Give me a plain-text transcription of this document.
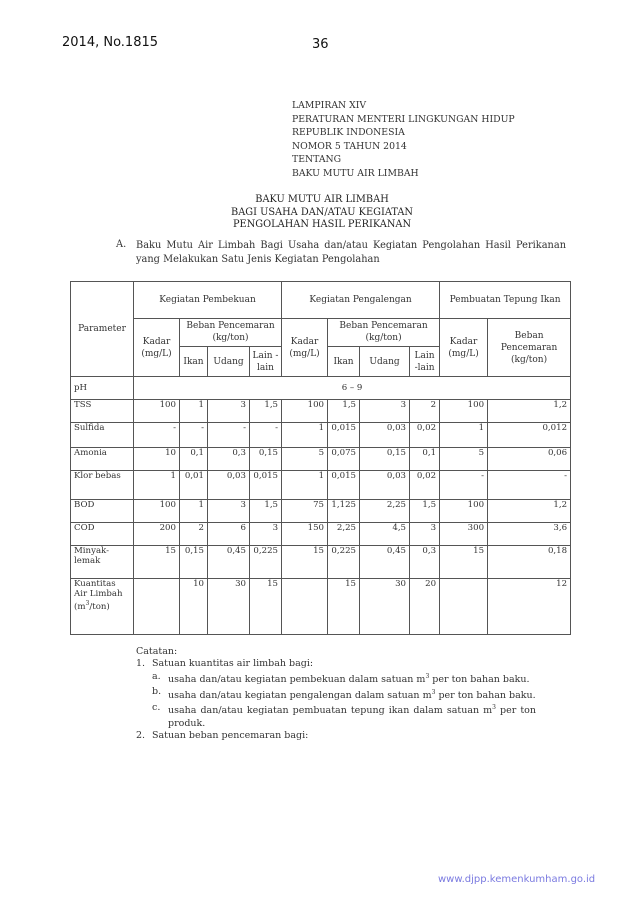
2014, No.1815	36
LAMPIRAN XIV
PERATURAN MENTERI LINGKUNGAN HIDUP
REPUBLIK INDONESIA
NOMOR 5 TAHUN 2014
TENTANG
BAKU MUTU AIR LIMBAH
BAKU MUTU AIR LIMBAH
BAGI USAHA DAN/ATAU KEGIATAN
PENGOLAHAN HASIL PERIKANAN
A. Baku Mutu Air Limbah Bagi Usaha dan/atau Kegiatan Pengolahan Hasil Perikanan yang Melakukan Satu Jenis Kegiatan Pengolahan
Parameter	Kegiatan Pembekuan				Kegiatan Pengalengan				Pembuatan Tepung Ikan	
	Kadar (mg/L)	Beban Pencemaran (kg/ton)			Kadar (mg/L)	Beban Pencemaran (kg/ton)			Kadar (mg/L)	Beban Pencemaran (kg/ton)
		Ikan	Udang	Lain -lain		Ikan	Udang	Lain -lain		
pH	6 – 9									
TSS	100	1	3	1,5	100	1,5	3	2	100	1,2
Sulfida	-	-	-	-	1	0,015	0,03	0,02	1	0,012
Amonia	10	0,1	0,3	0,15	5	0,075	0,15	0,1	5	0,06
Klor bebas	1	0,01	0,03	0,015	1	0,015	0,03	0,02	-	-
BOD	100	1	3	1,5	75	1,125	2,25	1,5	100	1,2
COD	200	2	6	3	150	2,25	4,5	3	300	3,6
Minyak-lemak	15	0,15	0,45	0,225	15	0,225	0,45	0,3	15	0,18
Kuantitas Air Limbah $(m^3/ton)$		10	30	15		15	30	20		12
Catatan:
1. Satuan kuantitas air limbah bagi:
a. usaha dan/atau kegiatan pembekuan dalam satuan $m^3$ per ton bahan baku.
b. usaha dan/atau kegiatan pengalengan dalam satuan $m^3$ per ton bahan baku.
c. usaha dan/atau kegiatan pembuatan tepung ikan dalam satuan $m^3$ per ton produk.
2. Satuan beban pencemaran bagi:
www.djpp.kemenkumham.go.id
